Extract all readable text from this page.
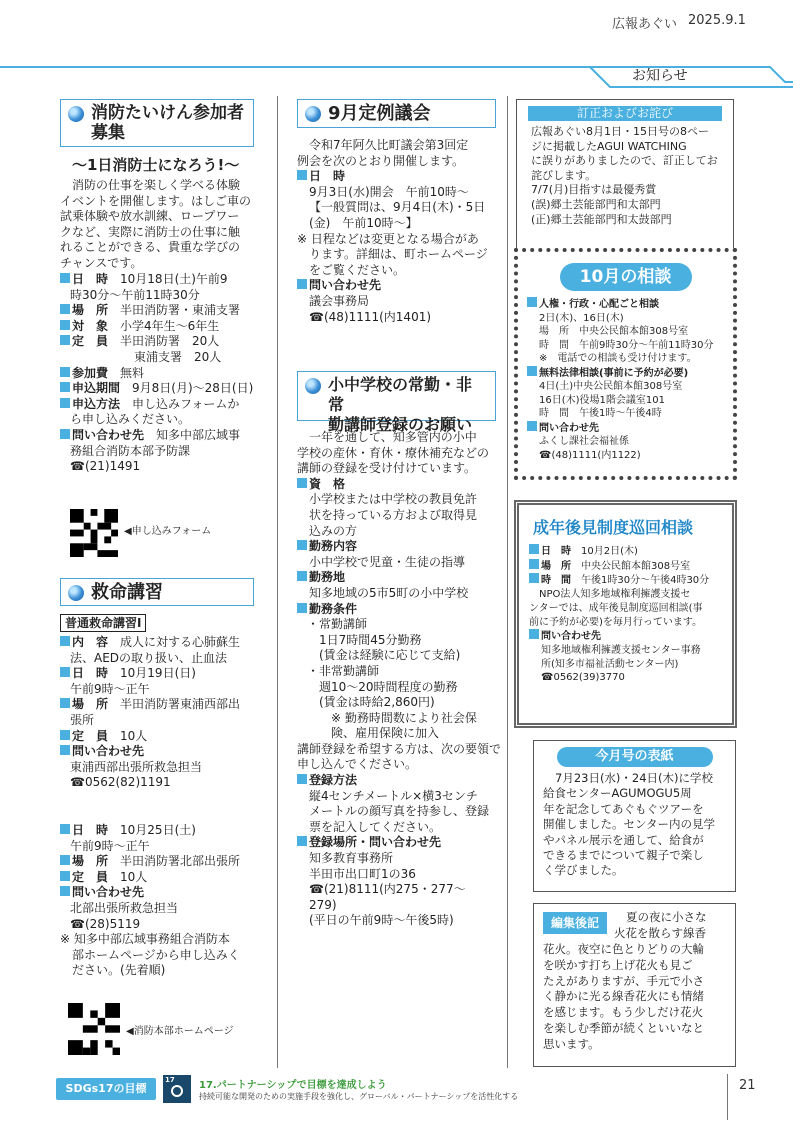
広報あぐい 2025.9.1
お知らせ
消防たいけん参加者
募集
～1日消防士になろう!～
消防の仕事を楽しく学べる体験
イベントを開催します。はしご車の
試乗体験や放水訓練、ロープワー
クなど、実際に消防士の仕事に触
れることができる、貴重な学びの
チャンスです。
日　時　 10月18日(土)午前9
時30分～午前11時30分
場　所　 半田消防署・東浦支署
対　象　 小学4年生～6年生
定　員　 半田消防署　20人
東浦支署　20人
参加費　 無料
申込期間　 9月8日(月)～28日(日)
申込方法　 申し込みフォームか
ら申し込みください。
問い合わせ先　 知多中部広域事
務組合消防本部予防課
☎(21)1491
◀申し込みフォーム
救命講習
普通救命講習Ⅰ
内　容　 成人に対する心肺蘇生
法、AEDの取り扱い、止血法
日　時　 10月19日(日)
午前9時～正午
場　所　 半田消防署東浦西部出
張所
定　員　 10人
問い合わせ先
東浦西部出張所救急担当
☎0562(82)1191
日　時　 10月25日(土)
午前9時～正午
場　所　 半田消防署北部出張所
定　員　 10人
問い合わせ先
北部出張所救急担当
☎(28)5119
※ 知多中部広域事務組合消防本
部ホームページから申し込みく
ださい。(先着順)
◀消防本部ホームページ
9月定例議会
令和7年阿久比町議会第3回定
例会を次のとおり開催します。
日　時
9月3日(水)開会　午前10時～
【一般質問は、9月4日(木)・5日
(金)　午前10時～】
※ 日程などは変更となる場合があ
ります。詳細は、町ホームページ
をご覧ください。
問い合わせ先
議会事務局
☎(48)1111(内1401)
小中学校の常勤・非常
勤講師登録のお願い
一年を通して、知多管内の小中
学校の産休・育休・療休補充などの
講師の登録を受け付けています。
資　格
小学校または中学校の教員免許
状を持っている方および取得見
込みの方
勤務内容
小中学校で児童・生徒の指導
勤務地
知多地域の5市5町の小中学校
勤務条件
・常勤講師
　1日7時間45分勤務
　(賃金は経験に応じて支給)
・非常勤講師
　週10～20時間程度の勤務
　(賃金は時給2,860円)
　　※ 勤務時間数により社会保
　　険、雇用保険に加入
講師登録を希望する方は、次の要領で
申し込んでください。
登録方法
縦4センチメートル×横3センチ
メートルの顔写真を持参し、登録
票を記入してください。
登録場所・問い合わせ先
知多教育事務所
半田市出口町1の36
☎(21)8111(内275・277～
279)
(平日の午前9時～午後5時)
訂正およびお詫び
広報あぐい8月1日・15日号の8ペー
ジに掲載したAGUI WATCHING
に誤りがありましたので、訂正してお
詫びします。
7/7(月)目指すは最優秀賞
(誤)郷土芸能部門和太部門
(正)郷土芸能部門和太鼓部門
10月の相談
人権・行政・心配ごと相談
2日(木)、16日(木)
場　所　中央公民館本館308号室
時　間　午前9時30分～午前11時30分
※　電話での相談も受け付けます。
無料法律相談(事前に予約が必要)
4日(土)中央公民館本館308号室
16日(木)役場1階会議室101
時　間　午後1時～午後4時
問い合わせ先
ふくし課社会福祉係
☎(48)1111(内1122)
成年後見制度巡回相談
日　時　 10月2日(木)
場　所　 中央公民館本館308号室
時　間　 午後1時30分～午後4時30分
NPO法人知多地域権利擁護支援セ
ンターでは、成年後見制度巡回相談(事
前に予約が必要)を毎月行っています。
問い合わせ先
知多地域権利擁護支援センター事務
所(知多市福祉活動センター内)
☎0562(39)3770
今月号の表紙
7月23日(水)・24日(木)に学校
給食センターAGUMOGU5周
年を記念してあぐもぐツアーを
開催しました。センター内の見学
やパネル展示を通して、給食が
できるまでについて親子で楽し
く学びました。
編集後記	夏の夜に小さな
火花を散らす線香
花火。夜空に色とりどりの大輪
を咲かす打ち上げ花火も見ご
たえがありますが、手元で小さ
く静かに光る線香花火にも情緒
を感じます。もう少しだけ花火
を楽しむ季節が続くといいなと
思います。
SDGs17の目標
17 17.パートナーシップで目標を達成しよう
持続可能な開発のための実施手段を強化し、グローバル・パートナーシップを活性化する
21
